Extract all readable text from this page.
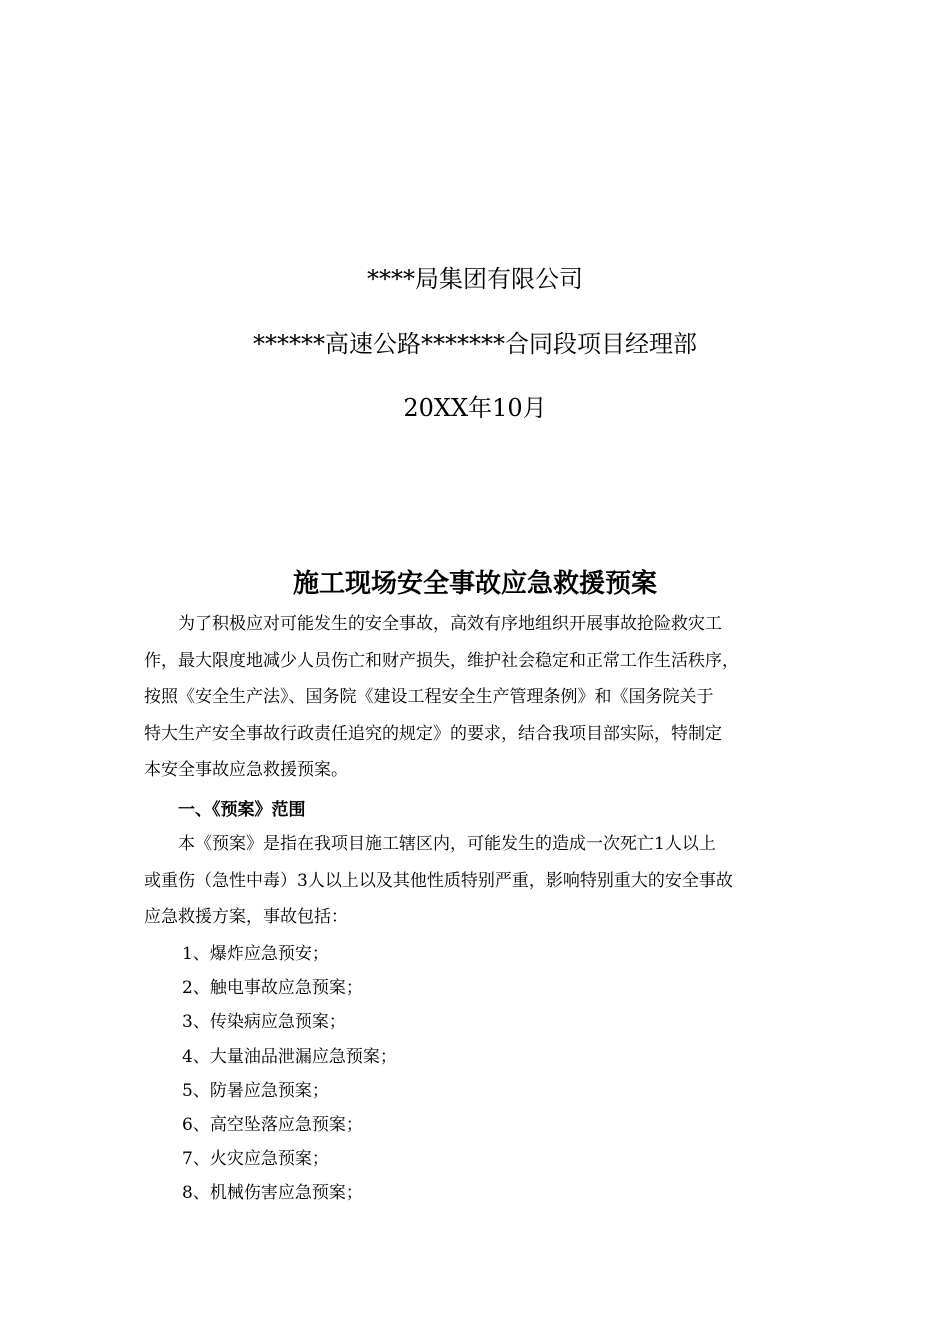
****局集团有限公司
******高速公路*******合同段项目经理部
20XX年10月
施工现场安全事故应急救援预案
为了积极应对可能发生的安全事故，高效有序地组织开展事故抢险救灾工
作，最大限度地减少人员伤亡和财产损失，维护社会稳定和正常工作生活秩序，
按照《安全生产法》、国务院《建设工程安全生产管理条例》和《国务院关于
特大生产安全事故行政责任追究的规定》的要求，结合我项目部实际，特制定
本安全事故应急救援预案。
一、《预案》范围
本《预案》是指在我项目施工辖区内，可能发生的造成一次死亡1人以上
或重伤（急性中毒）3人以上以及其他性质特别严重，影响特别重大的安全事故
应急救援方案，事故包括：
1、爆炸应急预安；
2、触电事故应急预案；
3、传染病应急预案；
4、大量油品泄漏应急预案；
5、防暑应急预案；
6、高空坠落应急预案；
7、火灾应急预案；
8、机械伤害应急预案；
